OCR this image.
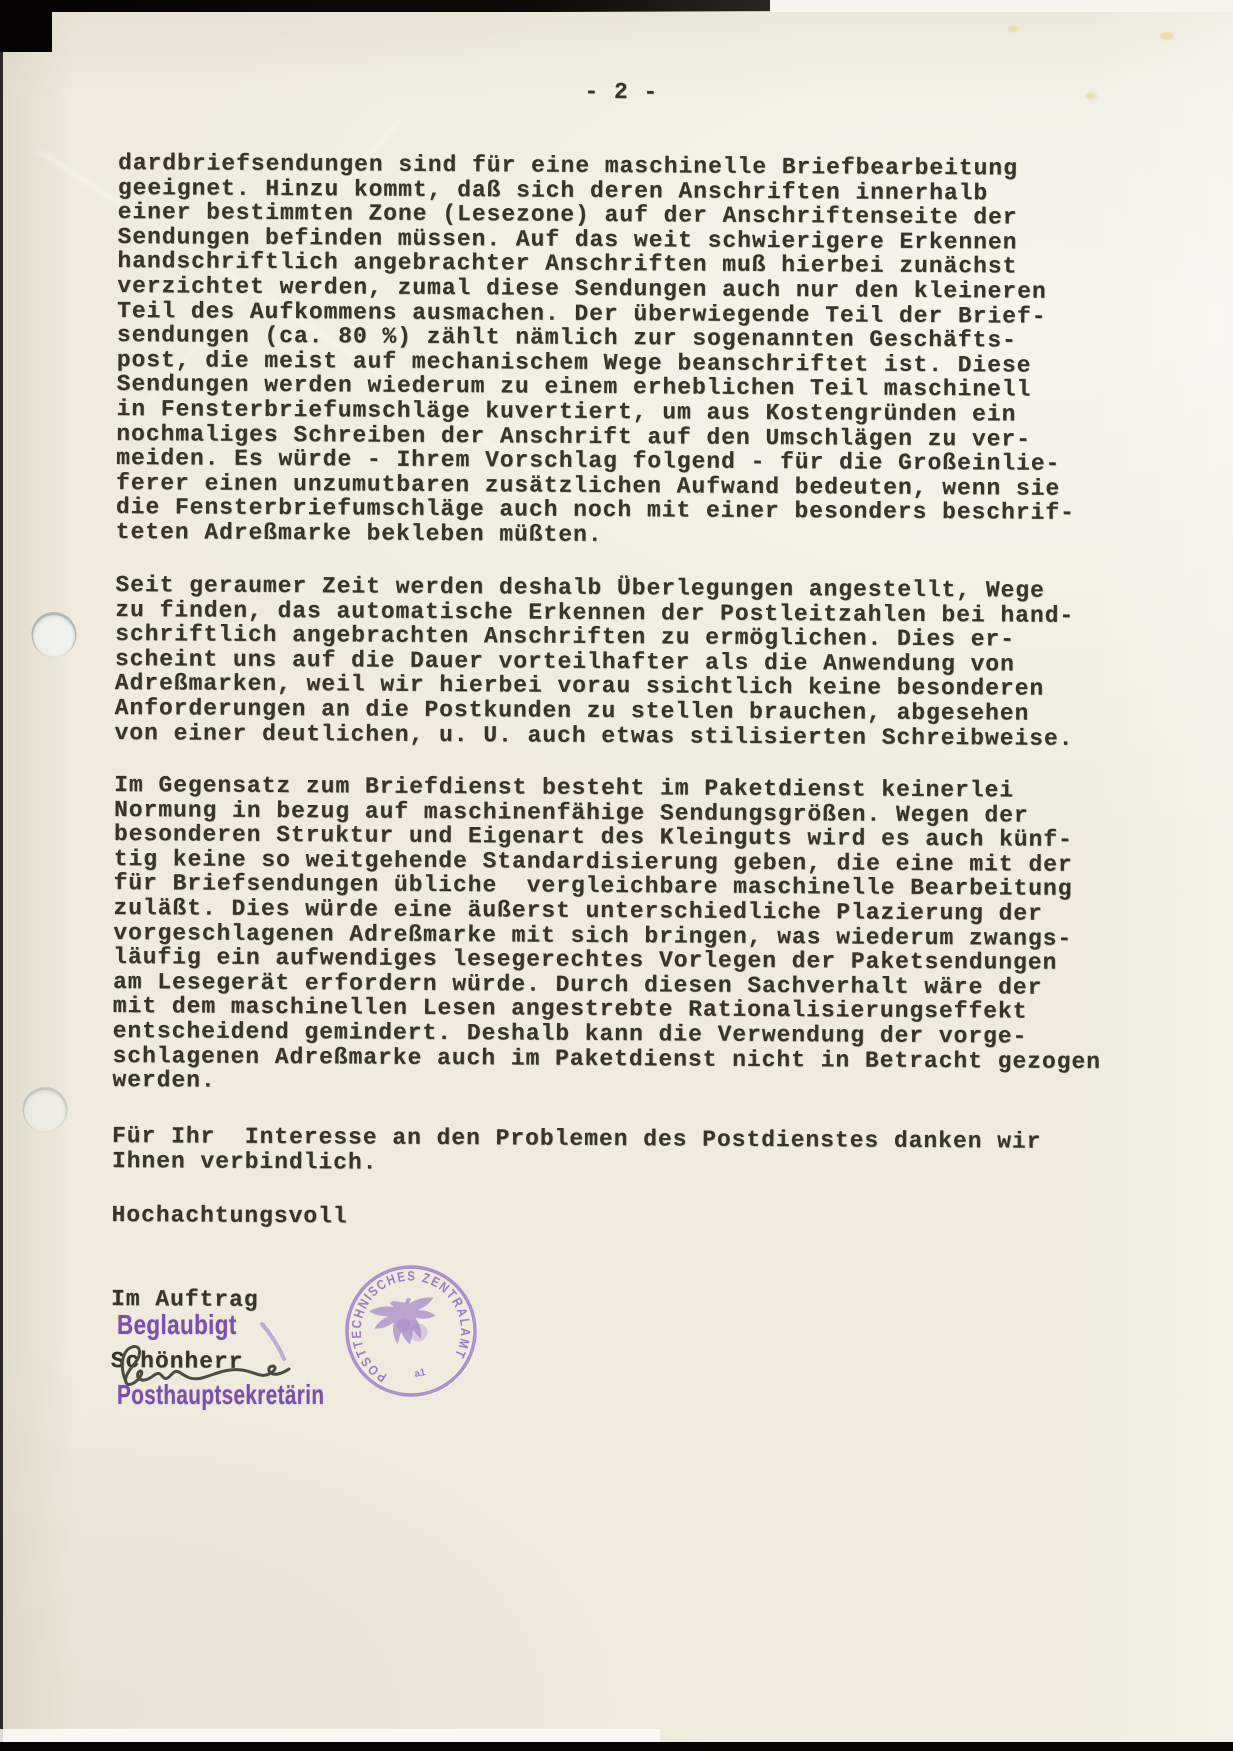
- 2 -
dardbriefsendungen sind für eine maschinelle Briefbearbeitung
geeignet. Hinzu kommt, daß sich deren Anschriften innerhalb
einer bestimmten Zone (Lesezone) auf der Anschriftenseite der
Sendungen befinden müssen. Auf das weit schwierigere Erkennen
handschriftlich angebrachter Anschriften muß hierbei zunächst
verzichtet werden, zumal diese Sendungen auch nur den kleineren
Teil des Aufkommens ausmachen. Der überwiegende Teil der Brief-
sendungen (ca. 80 %) zählt nämlich zur sogenannten Geschäfts-
post, die meist auf mechanischem Wege beanschriftet ist. Diese
Sendungen werden wiederum zu einem erheblichen Teil maschinell
in Fensterbriefumschläge kuvertiert, um aus Kostengründen ein
nochmaliges Schreiben der Anschrift auf den Umschlägen zu ver-
meiden. Es würde - Ihrem Vorschlag folgend - für die Großeinlie-
ferer einen unzumutbaren zusätzlichen Aufwand bedeuten, wenn sie
die Fensterbriefumschläge auch noch mit einer besonders beschrif-
teten Adreßmarke bekleben müßten.
Seit geraumer Zeit werden deshalb Überlegungen angestellt, Wege
zu finden, das automatische Erkennen der Postleitzahlen bei hand-
schriftlich angebrachten Anschriften zu ermöglichen. Dies er-
scheint uns auf die Dauer vorteilhafter als die Anwendung von
Adreßmarken, weil wir hierbei vorau ssichtlich keine besonderen
Anforderungen an die Postkunden zu stellen brauchen, abgesehen
von einer deutlichen, u. U. auch etwas stilisierten Schreibweise.
Im Gegensatz zum Briefdienst besteht im Paketdienst keinerlei
Normung in bezug auf maschinenfähige Sendungsgrößen. Wegen der
besonderen Struktur und Eigenart des Kleinguts wird es auch künf-
tig keine so weitgehende Standardisierung geben, die eine mit der
für Briefsendungen übliche  vergleichbare maschinelle Bearbeitung
zuläßt. Dies würde eine äußerst unterschiedliche Plazierung der
vorgeschlagenen Adreßmarke mit sich bringen, was wiederum zwangs-
läufig ein aufwendiges lesegerechtes Vorlegen der Paketsendungen
am Lesegerät erfordern würde. Durch diesen Sachverhalt wäre der
mit dem maschinellen Lesen angestrebte Rationalisierungseffekt
entscheidend gemindert. Deshalb kann die Verwendung der vorge-
schlagenen Adreßmarke auch im Paketdienst nicht in Betracht gezogen
werden.
Für Ihr  Interesse an den Problemen des Postdienstes danken wir
Ihnen verbindlich.
Hochachtungsvoll

Im Auftrag

Schönherr

Beglaubigt
Posthauptsekretärin
POSTTECHNISCHES ZENTRALAMT
a1
